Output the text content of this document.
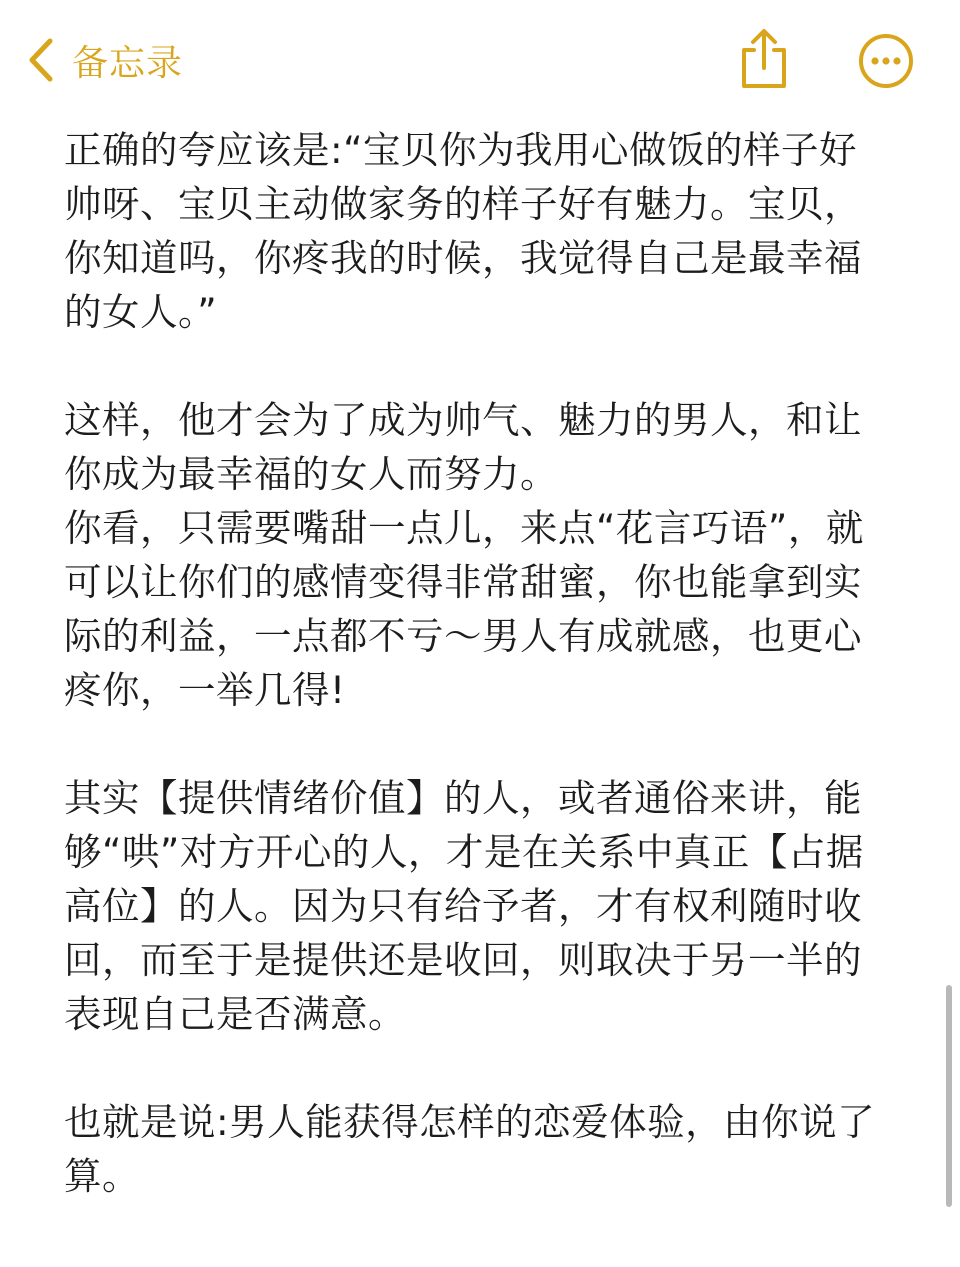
备忘录

正确的夸应该是:“宝贝你为我用心做饭的样子好帅呀、宝贝主动做家务的样子好有魅力。宝贝，你知道吗，你疼我的时候，我觉得自己是最幸福的女人。”

这样，他才会为了成为帅气、魅力的男人，和让你成为最幸福的女人而努力。

你看，只需要嘴甜一点儿，来点“花言巧语”，就可以让你们的感情变得非常甜蜜，你也能拿到实际的利益，一点都不亏～男人有成就感，也更心疼你，一举几得!

其实【提供情绪价值】的人，或者通俗来讲，能够“哄”对方开心的人，才是在关系中真正【占据高位】的人。因为只有给予者，才有权利随时收回，而至于是提供还是收回，则取决于另一半的表现自己是否满意。

也就是说:男人能获得怎样的恋爱体验，由你说了算。
